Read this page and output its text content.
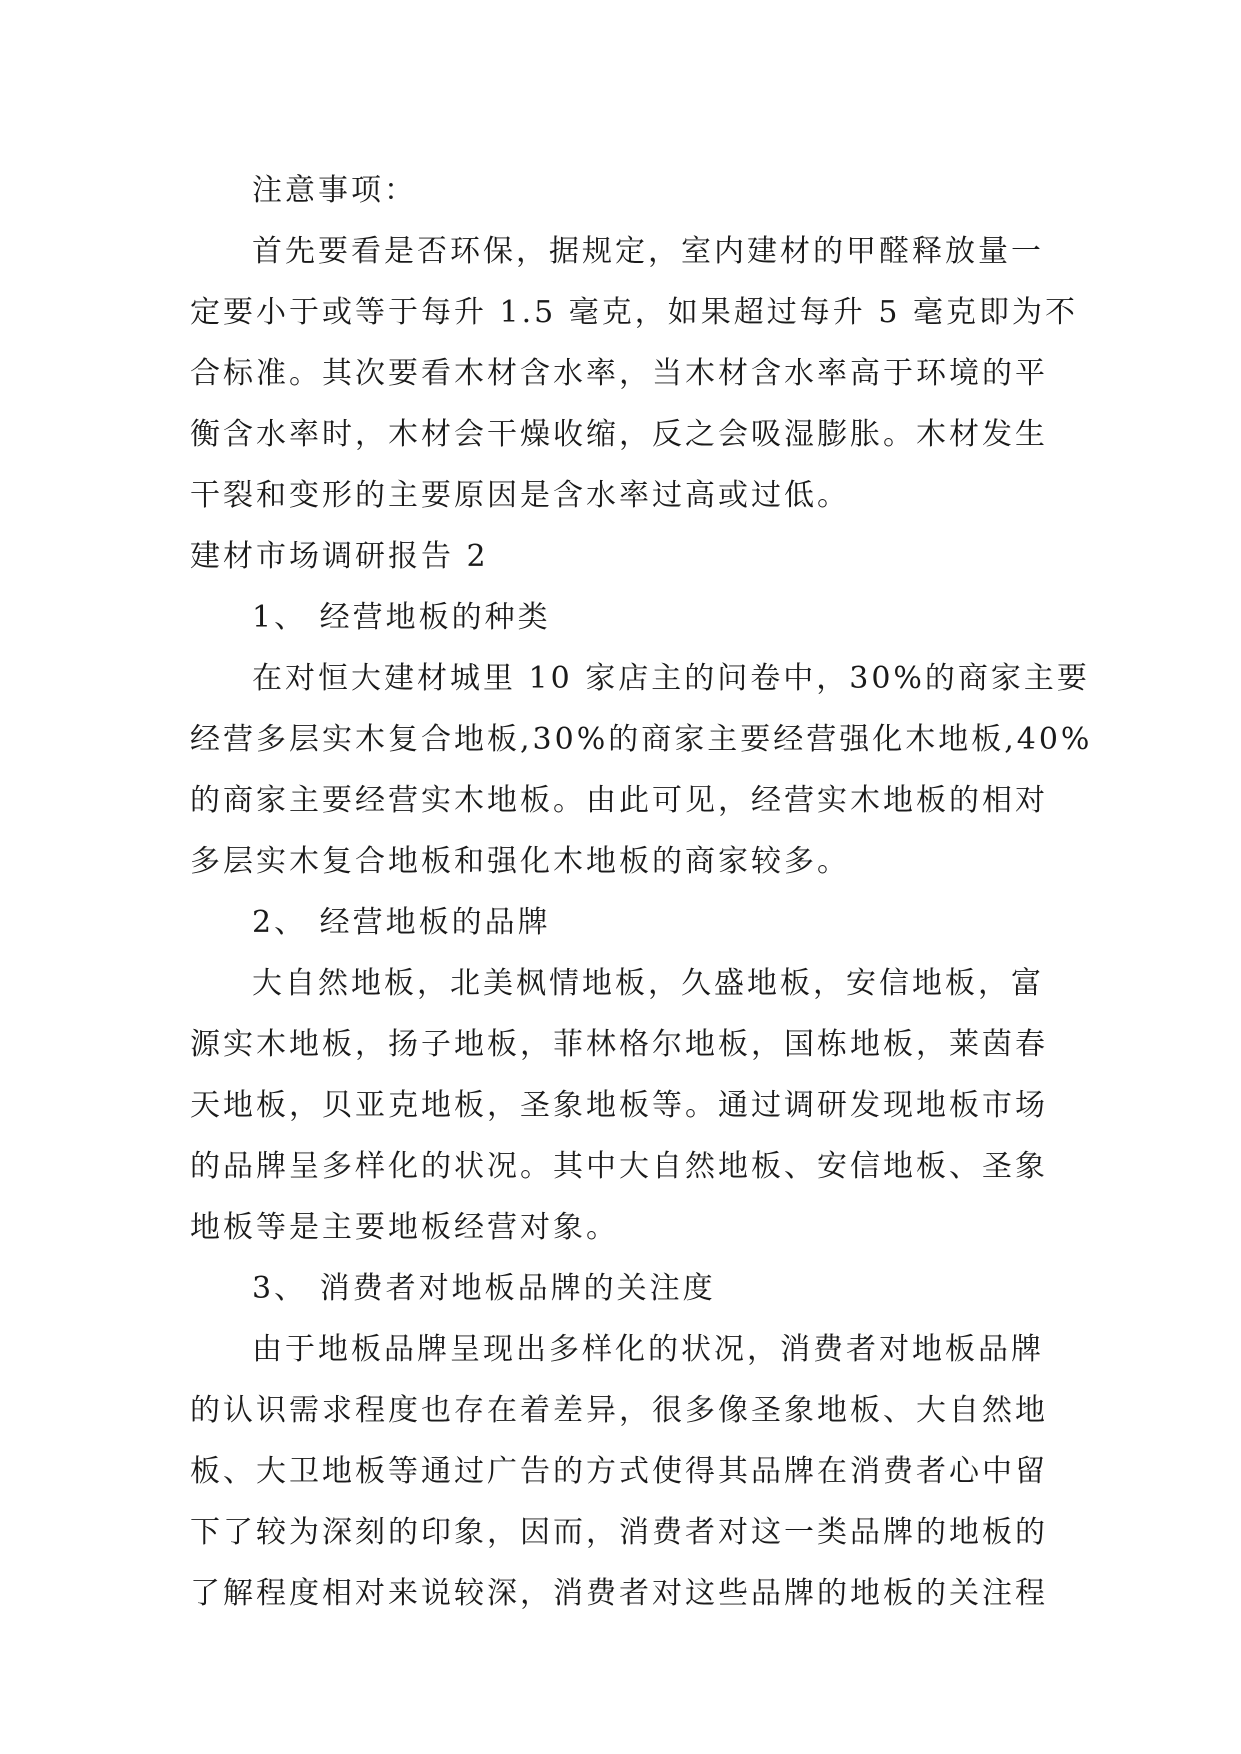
注意事项：
首先要看是否环保，据规定，室内建材的甲醛释放量一
定要小于或等于每升 1.5 毫克，如果超过每升 5 毫克即为不
合标准。其次要看木材含水率，当木材含水率高于环境的平
衡含水率时，木材会干燥收缩，反之会吸湿膨胀。木材发生
干裂和变形的主要原因是含水率过高或过低。
建材市场调研报告 2
1、 经营地板的种类
在对恒大建材城里 10 家店主的问卷中，30%的商家主要
经营多层实木复合地板,30%的商家主要经营强化木地板,40%
的商家主要经营实木地板。由此可见，经营实木地板的相对
多层实木复合地板和强化木地板的商家较多。
2、 经营地板的品牌
大自然地板，北美枫情地板，久盛地板，安信地板，富
源实木地板，扬子地板，菲林格尔地板，国栋地板，莱茵春
天地板，贝亚克地板，圣象地板等。通过调研发现地板市场
的品牌呈多样化的状况。其中大自然地板、安信地板、圣象
地板等是主要地板经营对象。
3、 消费者对地板品牌的关注度
由于地板品牌呈现出多样化的状况，消费者对地板品牌
的认识需求程度也存在着差异，很多像圣象地板、大自然地
板、大卫地板等通过广告的方式使得其品牌在消费者心中留
下了较为深刻的印象，因而，消费者对这一类品牌的地板的
了解程度相对来说较深，消费者对这些品牌的地板的关注程
